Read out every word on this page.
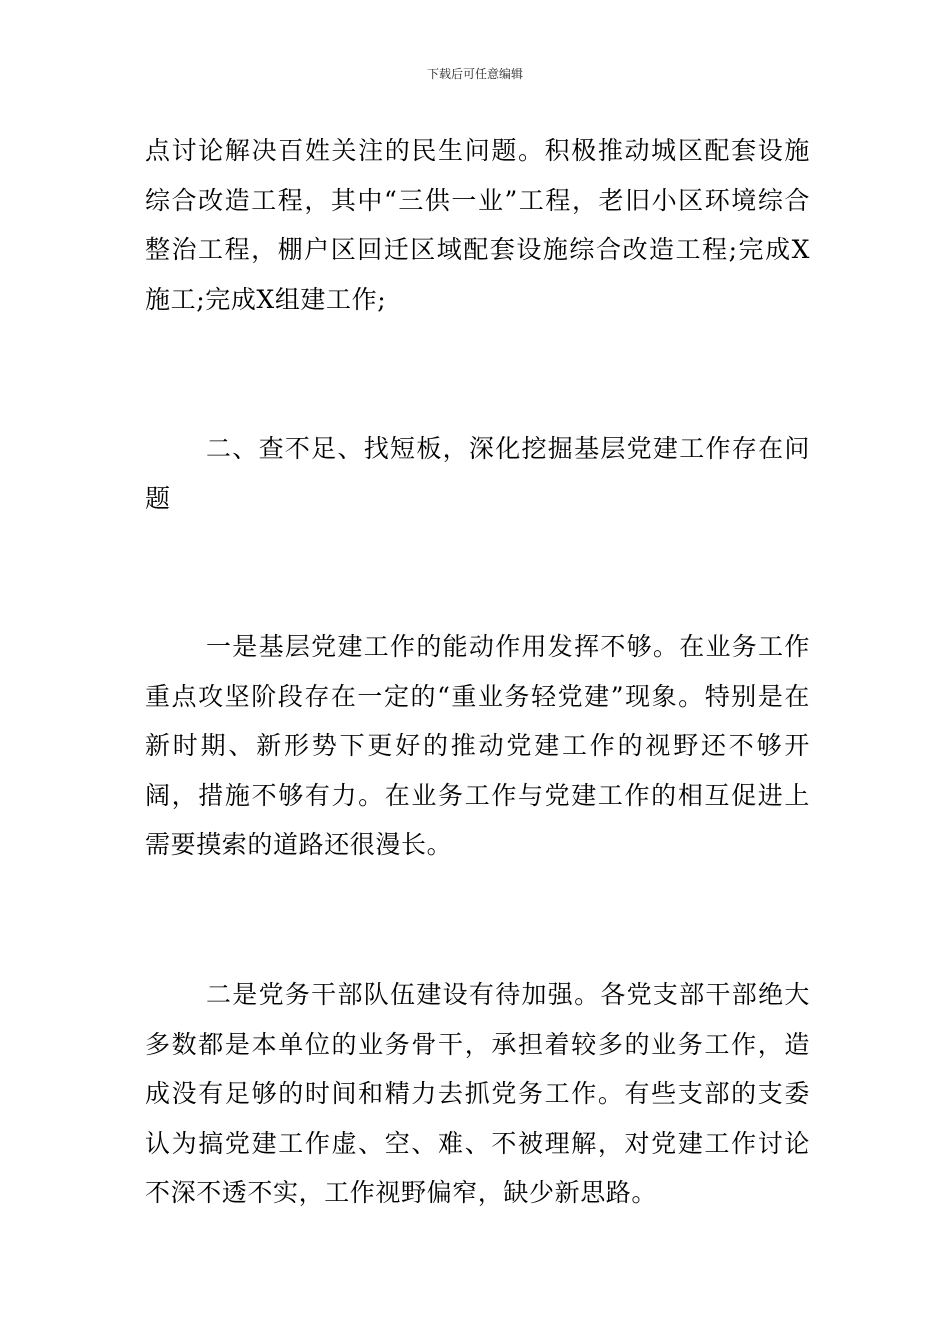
下载后可任意编辑

点讨论解决百姓关注的民生问题。积极推动城区配套设施综合改造工程，其中“三供一业”工程，老旧小区环境综合整治工程，棚户区回迁区域配套设施综合改造工程;完成X施工;完成X组建工作;

二、查不足、找短板，深化挖掘基层党建工作存在问题

一是基层党建工作的能动作用发挥不够。在业务工作重点攻坚阶段存在一定的“重业务轻党建”现象。特别是在新时期、新形势下更好的推动党建工作的视野还不够开阔，措施不够有力。在业务工作与党建工作的相互促进上需要摸索的道路还很漫长。

二是党务干部队伍建设有待加强。各党支部干部绝大多数都是本单位的业务骨干，承担着较多的业务工作，造成没有足够的时间和精力去抓党务工作。有些支部的支委认为搞党建工作虚、空、难、不被理解，对党建工作讨论不深不透不实，工作视野偏窄，缺少新思路。
